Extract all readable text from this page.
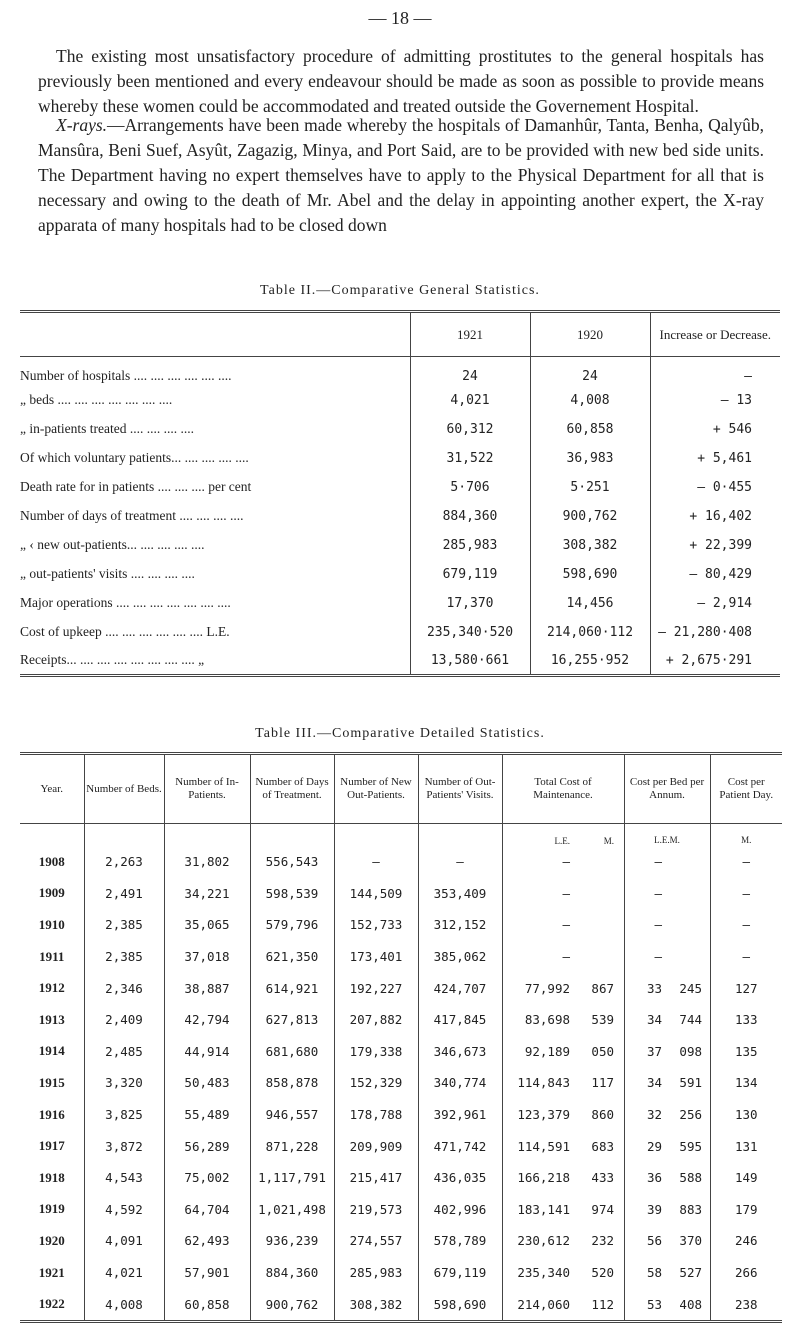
— 18 —

The existing most unsatisfactory procedure of admitting prostitutes to the general hospitals has previously been mentioned and every endeavour should be made as soon as possible to provide means whereby these women could be accommodated and treated outside the Governement Hospital.

X-rays.—Arrangements have been made whereby the hospitals of Damanhûr, Tanta, Benha, Qalyûb, Mansûra, Beni Suef, Asyût, Zagazig, Minya, and Port Said, are to be provided with new bed side units. The Department having no expert themselves have to apply to the Physical Department for all that is necessary and owing to the death of Mr. Abel and the delay in appointing another expert, the X-ray apparata of many hospitals had to be closed down

Table II.—Comparative General Statistics.
	1921	1920	Increase or Decrease.
Number of hospitals .... .... .... .... .... ....	24	24	—
„ beds .... .... .... .... .... .... ....	4,021	4,008	— 13
„ in-patients treated .... .... .... ....	60,312	60,858	+ 546
Of which voluntary patients... .... .... .... ....	31,522	36,983	+ 5,461
Death rate for in patients .... .... .... per cent	5·706	5·251	— 0·455
Number of days of treatment .... .... .... ....	884,360	900,762	+ 16,402
„ ‹ new out-patients... .... .... .... ....	285,983	308,382	+ 22,399
„ out-patients' visits .... .... .... ....	679,119	598,690	— 80,429
Major operations .... .... .... .... .... .... ....	17,370	14,456	— 2,914
Cost of upkeep .... .... .... .... .... .... L.E.	235,340·520	214,060·112	— 21,280·408
Receipts... .... .... .... .... .... .... .... „	13,580·661	16,255·952	+ 2,675·291
Table III.—Comparative Detailed Statistics.
Year.	Number of Beds.	Number of In-Patients.	Number of Days of Treatment.	Number of New Out-Patients.	Number of Out-Patients' Visits.	Total Cost of Maintenance.	Cost per Bed per Annum.	Cost per Patient Day.
						L.E. M.	L.E.M.	M.
1908	2,263	31,802	556,543	—	—	—	—	—
1909	2,491	34,221	598,539	144,509	353,409	—	—	—
1910	2,385	35,065	579,796	152,733	312,152	—	—	—
1911	2,385	37,018	621,350	173,401	385,062	—	—	—
1912	2,346	38,887	614,921	192,227	424,707	77,992 867	33 245	127
1913	2,409	42,794	627,813	207,882	417,845	83,698 539	34 744	133
1914	2,485	44,914	681,680	179,338	346,673	92,189 050	37 098	135
1915	3,320	50,483	858,878	152,329	340,774	114,843 117	34 591	134
1916	3,825	55,489	946,557	178,788	392,961	123,379 860	32 256	130
1917	3,872	56,289	871,228	209,909	471,742	114,591 683	29 595	131
1918	4,543	75,002	1,117,791	215,417	436,035	166,218 433	36 588	149
1919	4,592	64,704	1,021,498	219,573	402,996	183,141 974	39 883	179
1920	4,091	62,493	936,239	274,557	578,789	230,612 232	56 370	246
1921	4,021	57,901	884,360	285,983	679,119	235,340 520	58 527	266
1922	4,008	60,858	900,762	308,382	598,690	214,060 112	53 408	238
